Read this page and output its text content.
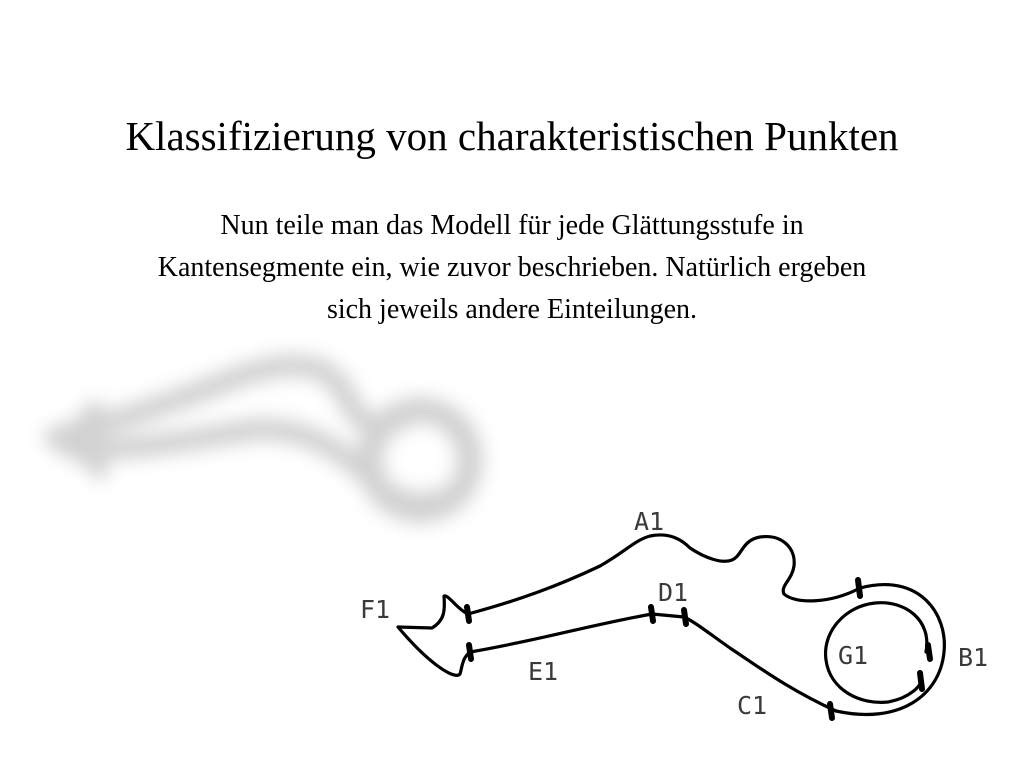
Klassifizierung von charakteristischen Punkten

Nun teile man das Modell für jede Glättungsstufe in

Kantensegmente ein, wie zuvor beschrieben. Natürlich ergeben

sich jeweils andere Einteilungen.

A1
D1
F1
E1
G1	B1
C1
